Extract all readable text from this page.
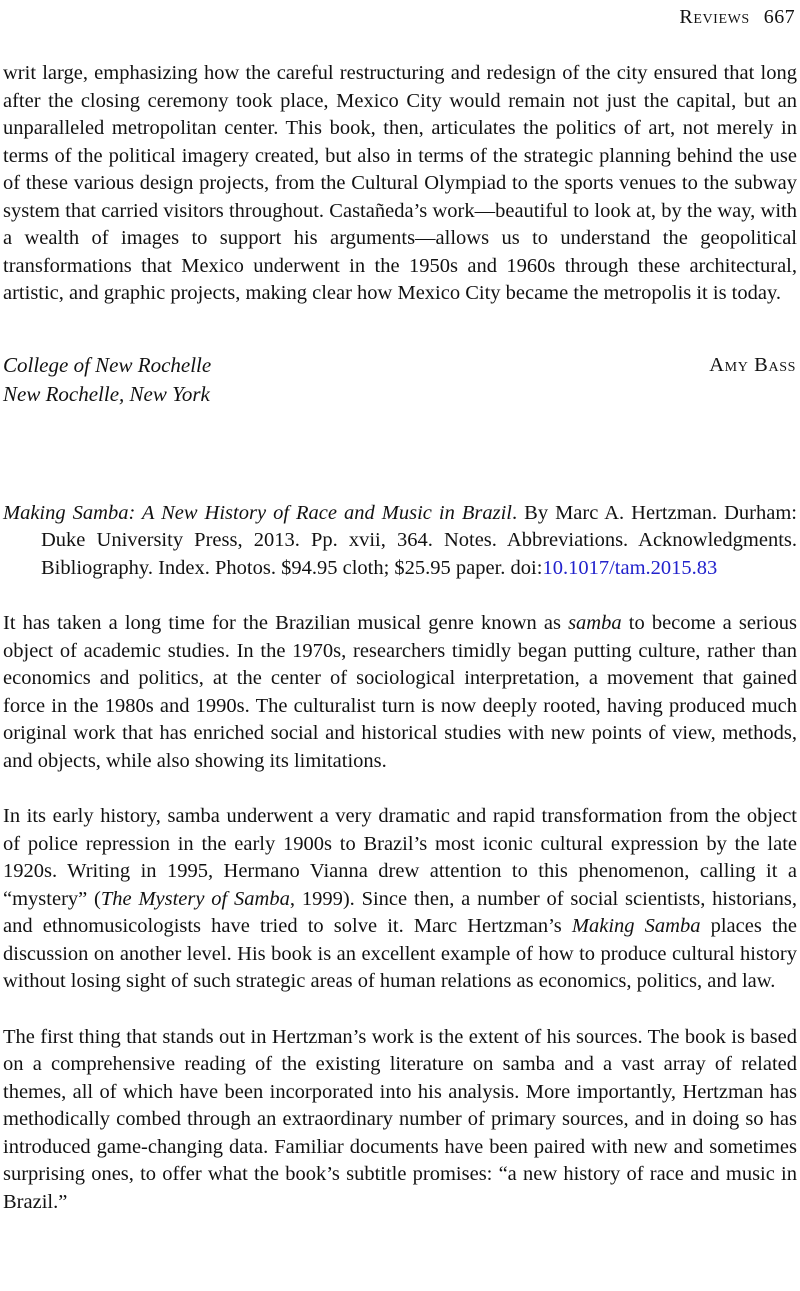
Reviews 667

writ large, emphasizing how the careful restructuring and redesign of the city ensured that long after the closing ceremony took place, Mexico City would remain not just the capital, but an unparalleled metropolitan center. This book, then, articulates the politics of art, not merely in terms of the political imagery created, but also in terms of the strategic planning behind the use of these various design projects, from the Cultural Olympiad to the sports venues to the subway system that carried visitors throughout. Castañeda’s work—beautiful to look at, by the way, with a wealth of images to support his arguments—allows us to understand the geopolitical transformations that Mexico underwent in the 1950s and 1960s through these architectural, artistic, and graphic projects, making clear how Mexico City became the metropolis it is today.

College of New Rochelle
New Rochelle, New York
Amy Bass

Making Samba: A New History of Race and Music in Brazil. By Marc A. Hertzman. Durham: Duke University Press, 2013. Pp. xvii, 364. Notes. Abbreviations. Acknowledgments. Bibliography. Index. Photos. $94.95 cloth; $25.95 paper. doi:10.1017/tam.2015.83

It has taken a long time for the Brazilian musical genre known as samba to become a serious object of academic studies. In the 1970s, researchers timidly began putting culture, rather than economics and politics, at the center of sociological interpretation, a movement that gained force in the 1980s and 1990s. The culturalist turn is now deeply rooted, having produced much original work that has enriched social and historical studies with new points of view, methods, and objects, while also showing its limitations.

In its early history, samba underwent a very dramatic and rapid transformation from the object of police repression in the early 1900s to Brazil’s most iconic cultural expression by the late 1920s. Writing in 1995, Hermano Vianna drew attention to this phenomenon, calling it a “mystery” (The Mystery of Samba, 1999). Since then, a number of social scientists, historians, and ethnomusicologists have tried to solve it. Marc Hertzman’s Making Samba places the discussion on another level. His book is an excellent example of how to produce cultural history without losing sight of such strategic areas of human relations as economics, politics, and law.

The first thing that stands out in Hertzman’s work is the extent of his sources. The book is based on a comprehensive reading of the existing literature on samba and a vast array of related themes, all of which have been incorporated into his analysis. More importantly, Hertzman has methodically combed through an extraordinary number of primary sources, and in doing so has introduced game-changing data. Familiar documents have been paired with new and sometimes surprising ones, to offer what the book’s subtitle promises: “a new history of race and music in Brazil.”
